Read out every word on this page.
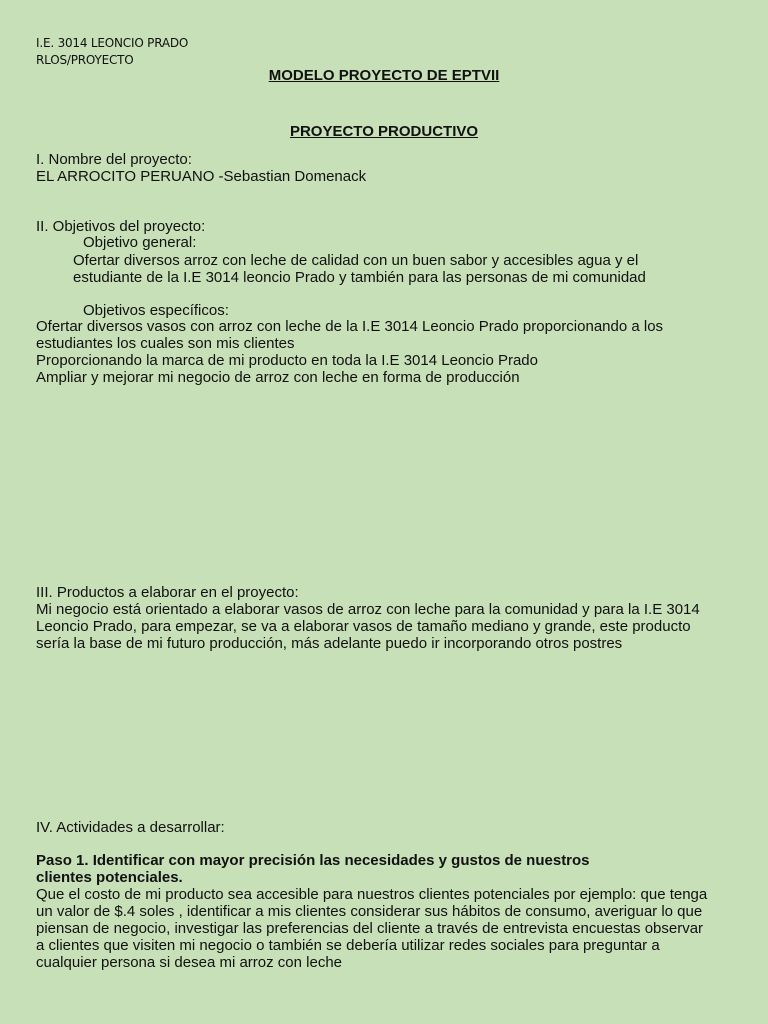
I.E. 3014 LEONCIO PRADO
RLOS/PROYECTO
MODELO PROYECTO DE EPTVII
PROYECTO PRODUCTIVO
I. Nombre del proyecto:
EL ARROCITO PERUANO -Sebastian Domenack
II. Objetivos del proyecto:
Objetivo general:
Ofertar diversos arroz con leche de calidad con un buen sabor y accesibles agua y el
estudiante de la I.E 3014 leoncio Prado y también para las personas de mi comunidad
Objetivos específicos:
Ofertar diversos vasos con arroz con leche de la I.E 3014 Leoncio Prado proporcionando a los
estudiantes los cuales son mis clientes
Proporcionando la marca de mi producto en toda la I.E 3014 Leoncio Prado
Ampliar y mejorar mi negocio de arroz con leche en forma de producción
III. Productos a elaborar en el proyecto:
Mi negocio está orientado a elaborar vasos de arroz con leche para la comunidad y para la I.E 3014
Leoncio Prado, para empezar, se va a elaborar vasos de tamaño mediano y grande, este producto
sería la base de mi futuro producción, más adelante puedo ir incorporando otros postres
IV. Actividades a desarrollar:
Paso 1. Identificar con mayor precisión las necesidades y gustos de nuestros
clientes potenciales.
Que el costo de mi producto sea accesible para nuestros clientes potenciales por ejemplo: que tenga
un valor de $.4 soles , identificar a mis clientes considerar sus hábitos de consumo, averiguar lo que
piensan de negocio, investigar las preferencias del cliente a través de entrevista encuestas observar
a clientes que visiten mi negocio o también se debería utilizar redes sociales para preguntar a
cualquier persona si desea mi arroz con leche
